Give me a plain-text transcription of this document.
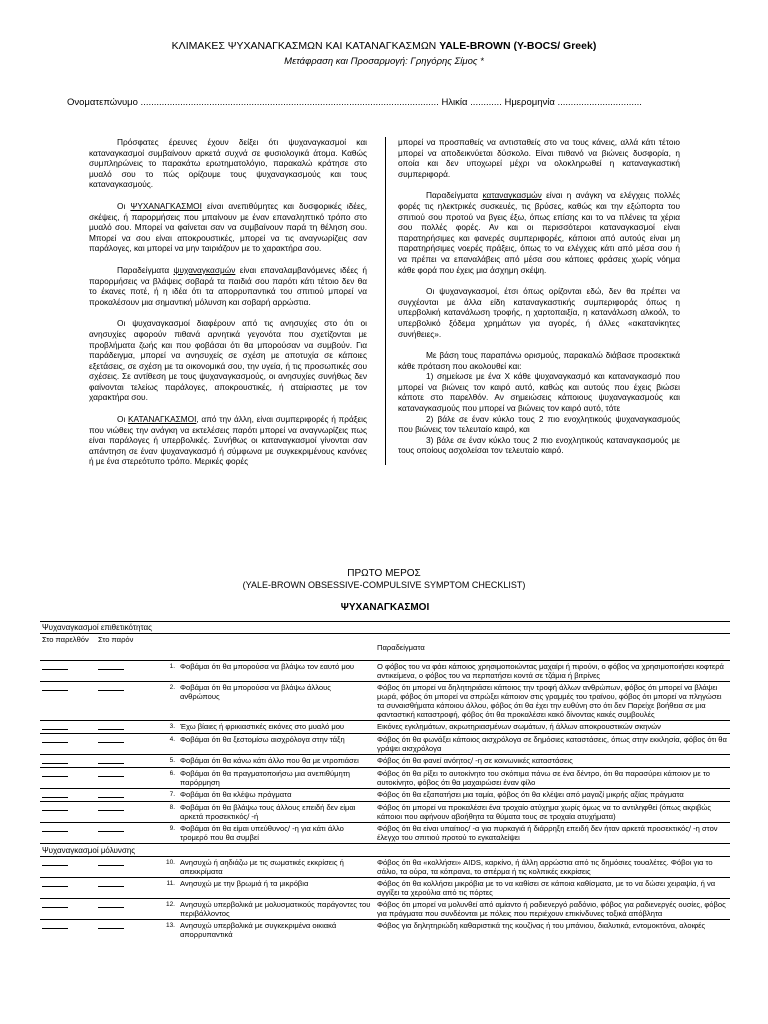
ΚΛΙΜΑΚΕΣ ΨΥΧΑΝΑΓΚΑΣΜΩΝ ΚΑΙ ΚΑΤΑΝΑΓΚΑΣΜΩΝ YALE-BROWN (Y-BOCS/ Greek)
Μετάφραση και Προσαρμογή: Γρηγόρης Σίμος *
Ονοματεπώνυμο ................................................................................................................. Ηλικία ............ Ημερομηνία ................................

Πρόσφατες έρευνες έχουν δείξει ότι ψυχαναγκασμοί και καταναγκασμοί συμβαίνουν αρκετά συχνά σε φυσιολογικά άτομα. Καθώς συμπληρώνεις το παρακάτω ερωτηματολόγιο, παρακαλώ κράτησε στο μυαλό σου το πώς ορίζουμε τους ψυχαναγκασμούς και τους καταναγκασμούς.

Οι ΨΥΧΑΝΑΓΚΑΣΜΟΙ είναι ανεπιθύμητες και δυσφορικές ιδέες, σκέψεις, ή παρορμήσεις που μπαίνουν με έναν επαναληπτικό τρόπο στο μυαλό σου. Μπορεί να φαίνεται σαν να συμβαίνουν παρά τη θέληση σου. Μπορεί να σου είναι αποκρουστικές, μπορεί να τις αναγνωρίζεις σαν παράλογες, και μπορεί να μην ταιριάζουν με το χαρακτήρα σου.

Παραδείγματα ψυχαναγκασμών είναι επαναλαμβανόμενες ιδέες ή παρορμήσεις να βλάψεις σοβαρά τα παιδιά σου παρότι κάτι τέτοιο δεν θα το έκανες ποτέ, ή η ιδέα ότι τα απορρυπαντικά του σπιτιού μπορεί να προκαλέσουν μια σημαντική μόλυνση και σοβαρή αρρώστια.

Οι ψυχαναγκασμοί διαφέρουν από τις ανησυχίες στο ότι οι ανησυχίες αφορούν πιθανά αρνητικά γεγονότα που σχετίζονται με προβλήματα ζωής και που φοβάσαι ότι θα μπορούσαν να συμβούν. Για παράδειγμα, μπορεί να ανησυχείς σε σχέση με αποτυχία σε κάποιες εξετάσεις, σε σχέση με τα οικονομικά σου, την υγεία, ή τις προσωπικές σου σχέσεις. Σε αντίθεση με τους ψυχαναγκασμούς, οι ανησυχίες συνήθως δεν φαίνονται τελείως παράλογες, αποκρουστικές, ή αταίριαστες με τον χαρακτήρα σου.

Οι ΚΑΤΑΝΑΓΚΑΣΜΟΙ, από την άλλη, είναι συμπεριφορές ή πράξεις που νιώθεις την ανάγκη να εκτελέσεις παρότι μπορεί να αναγνωρίζεις πως είναι παράλογες ή υπερβολικές. Συνήθως οι καταναγκασμοί γίνονται σαν απάντηση σε έναν ψυχαναγκασμό ή σύμφωνα με συγκεκριμένους κανόνες ή με ένα στερεότυπο τρόπο. Μερικές φορές

μπορεί να προσπαθείς να αντισταθείς στο να τους κάνεις, αλλά κάτι τέτοιο μπορεί να αποδεικνύεται δύσκολο. Είναι πιθανό να βιώνεις δυσφορία, η οποία και δεν υποχωρεί μέχρι να ολοκληρωθεί η καταναγκαστική συμπεριφορά.

Παραδείγματα καταναγκασμών είναι η ανάγκη να ελέγχεις πολλές φορές τις ηλεκτρικές συσκευές, τις βρύσες, καθώς και την εξώπορτα του σπιτιού σου προτού να βγεις έξω, όπως επίσης και το να πλένεις τα χέρια σου πολλές φορές. Αν και οι περισσότεροι καταναγκασμοί είναι παρατηρήσιμες και φανερές συμπεριφορές, κάποιοι από αυτούς είναι μη παρατηρήσιμες νοερές πράξεις, όπως το να ελέγχεις κάτι από μέσα σου ή να πρέπει να επαναλάβεις από μέσα σου κάποιες φράσεις χωρίς νόημα κάθε φορά που έχεις μια άσχημη σκέψη.

Οι ψυχαναγκασμοί, έτσι όπως ορίζονται εδώ, δεν θα πρέπει να συγχέονται με άλλα είδη καταναγκαστικής συμπεριφοράς όπως η υπερβολική κατανάλωση τροφής, η χαρτοπαιξία, η κατανάλωση αλκοόλ, το υπερβολικό ξόδεμα χρημάτων για αγορές, ή άλλες «ακατανίκητες συνήθειες».

Με βάση τους παραπάνω ορισμούς, παρακαλώ διάβασε προσεκτικά κάθε πρόταση που ακολουθεί και:

1) σημείωσε με ένα Χ κάθε ψυχαναγκασμό και καταναγκασμό που μπορεί να βιώνεις τον καιρό αυτό, καθώς και αυτούς που έχεις βιώσει κάποτε στο παρελθόν. Αν σημειώσεις κάποιους ψυχαναγκασμούς και καταναγκασμούς που μπορεί να βιώνεις τον καιρό αυτό, τότε

2) βάλε σε έναν κύκλο τους 2 πιο ενοχλητικούς ψυχαναγκασμούς που βιώνεις τον τελευταίο καιρό, και

3) βάλε σε έναν κύκλο τους 2 πιο ενοχλητικούς καταναγκασμούς με τους οποίους ασχολείσαι τον τελευταίο καιρό.

ΠΡΩΤΟ ΜΕΡΟΣ
(YALE-BROWN OBSESSIVE-COMPULSIVE SYMPTOM CHECKLIST)
ΨΥΧΑΝΑΓΚΑΣΜΟΙ				
Ψυχαναγκασμοί επιθετικότητας				
Στο παρελθόν	Στο παρόν			Παραδείγματα
		1.	Φοβάμαι ότι θα μπορούσα να βλάψω τον εαυτό μου	Ο φόβος του να φάει κάποιος χρησιμοποιώντας μαχαίρι ή πιρούνι, ο φόβος να χρησιμοποιήσει κοφτερά αντικείμενα, ο φόβος του να περπατήσει κοντά σε τζάμια ή βιτρίνες
		2.	Φοβάμαι ότι θα μπορούσα να βλάψω άλλους ανθρώπους	Φόβος ότι μπορεί να δηλητηριάσει κάποιος την τροφή άλλων ανθρώπων, φόβος ότι μπορεί να βλάψει μωρά, φόβος ότι μπορεί να σπρώξει κάποιον στις γραμμές του τραίνου, φόβος ότι μπορεί να πληγώσει τα συναισθήματα κάποιου άλλου, φόβος ότι θα έχει την ευθύνη στο ότι δεν Παρείχε βοήθεια σε μια φανταστική καταστροφή, φόβος ότι θα προκαλέσει κακό δίνοντας κακές συμβουλές
		3.	Έχω βίαιες ή φρικιαστικές εικόνες στο μυαλό μου	Εικόνες εγκλημάτων, ακρωτηριασμένων σωμάτων, ή άλλων αποκρουστικών σκηνών
		4.	Φοβάμαι ότι θα ξεστομίσω αισχρόλογα στην τάξη	Φόβος ότι θα φωνάξει κάποιος αισχρόλογα σε δημόσιες καταστάσεις, όπως στην εκκλησία, φόβος ότι θα γράψει αισχρόλογα
		5.	Φοβάμαι ότι θα κάνω κάτι άλλο που θα με ντροπιάσει	Φόβος ότι θα φανεί ανόητος/ -η σε κοινωνικές καταστάσεις
		6.	Φοβάμαι ότι θα πραγματοποιήσω μια ανεπιθύμητη παρόρμηση	Φόβος ότι θα ρίξει το αυτοκίνητο του σκόπιμα πάνω σε ένα δέντρο, ότι θα παρασύρει κάποιον με το αυτοκίνητο, φόβος ότι θα μαχαιρώσει έναν φίλο
		7.	Φοβάμαι ότι θα κλέψω πράγματα	Φόβος ότι θα εξαπατήσει μια ταμία, φόβος ότι θα κλέψει από μαγαζί μικρής αξίας πράγματα
		8.	Φοβάμαι ότι θα βλάψω τους άλλους επειδή δεν είμαι αρκετά προσεκτικός/ -ή	Φόβος ότι μπορεί να προκαλέσει ένα τροχαίο ατύχημα χωρίς όμως να το αντιληφθεί (όπως ακριβώς κάποιοι που αφήνουν αβοήθητα τα θύματα τους σε τροχαία ατυχήματα)
		9.	Φοβάμαι ότι θα είμαι υπεύθυνος/ -η για κάτι άλλο τρομερό που θα συμβεί	Φόβος ότι θα είναι υπαίτιος/ -α για πυρκαγιά ή διάρρηξη επειδή δεν ήταν αρκετά προσεκτικός/ -η στον έλεγχο του σπιτιού προτού το εγκαταλείψει
Ψυχαναγκασμοί μόλυνσης				
		10.	Ανησυχώ ή αηδιάζω με τις σωματικές εκκρίσεις ή απεκκρίματα	Φόβος ότι θα «κολλήσει» AIDS, καρκίνο, ή άλλη αρρώστια από τις δημόσιες τουαλέτες. Φόβοι για το σάλιο, τα ούρα, τα κόπρανα, το σπέρμα ή τις κολπικές εκκρίσεις
		11.	Ανησυχώ με την βρωμιά ή τα μικρόβια	Φόβος ότι θα κολλήσει μικρόβια με το να καθίσει σε κάποια καθίσματα, με το να δώσει χειραψία, ή να αγγίξει τα χερούλια από τις πόρτες
		12.	Ανησυχώ υπερβολικά με μολυσματικούς παράγοντες του περιβάλλοντος	Φόβος ότι μπορεί να μολυνθεί από αμίαντο ή ραδιενεργό ραδόνιο, φόβος για ραδιενεργές ουσίες, φόβος για πράγματα που συνδέονται με πόλεις που περιέχουν επικίνδυνες τοξικά απόβλητα
		13.	Ανησυχώ υπερβολικά με συγκεκριμένα οικιακά απορρυπαντικά	Φόβος για δηλητηριώδη καθαριστικά της κουζίνας ή του μπάνιου, διαλυτικά, εντομοκτόνα, αλοιφές
